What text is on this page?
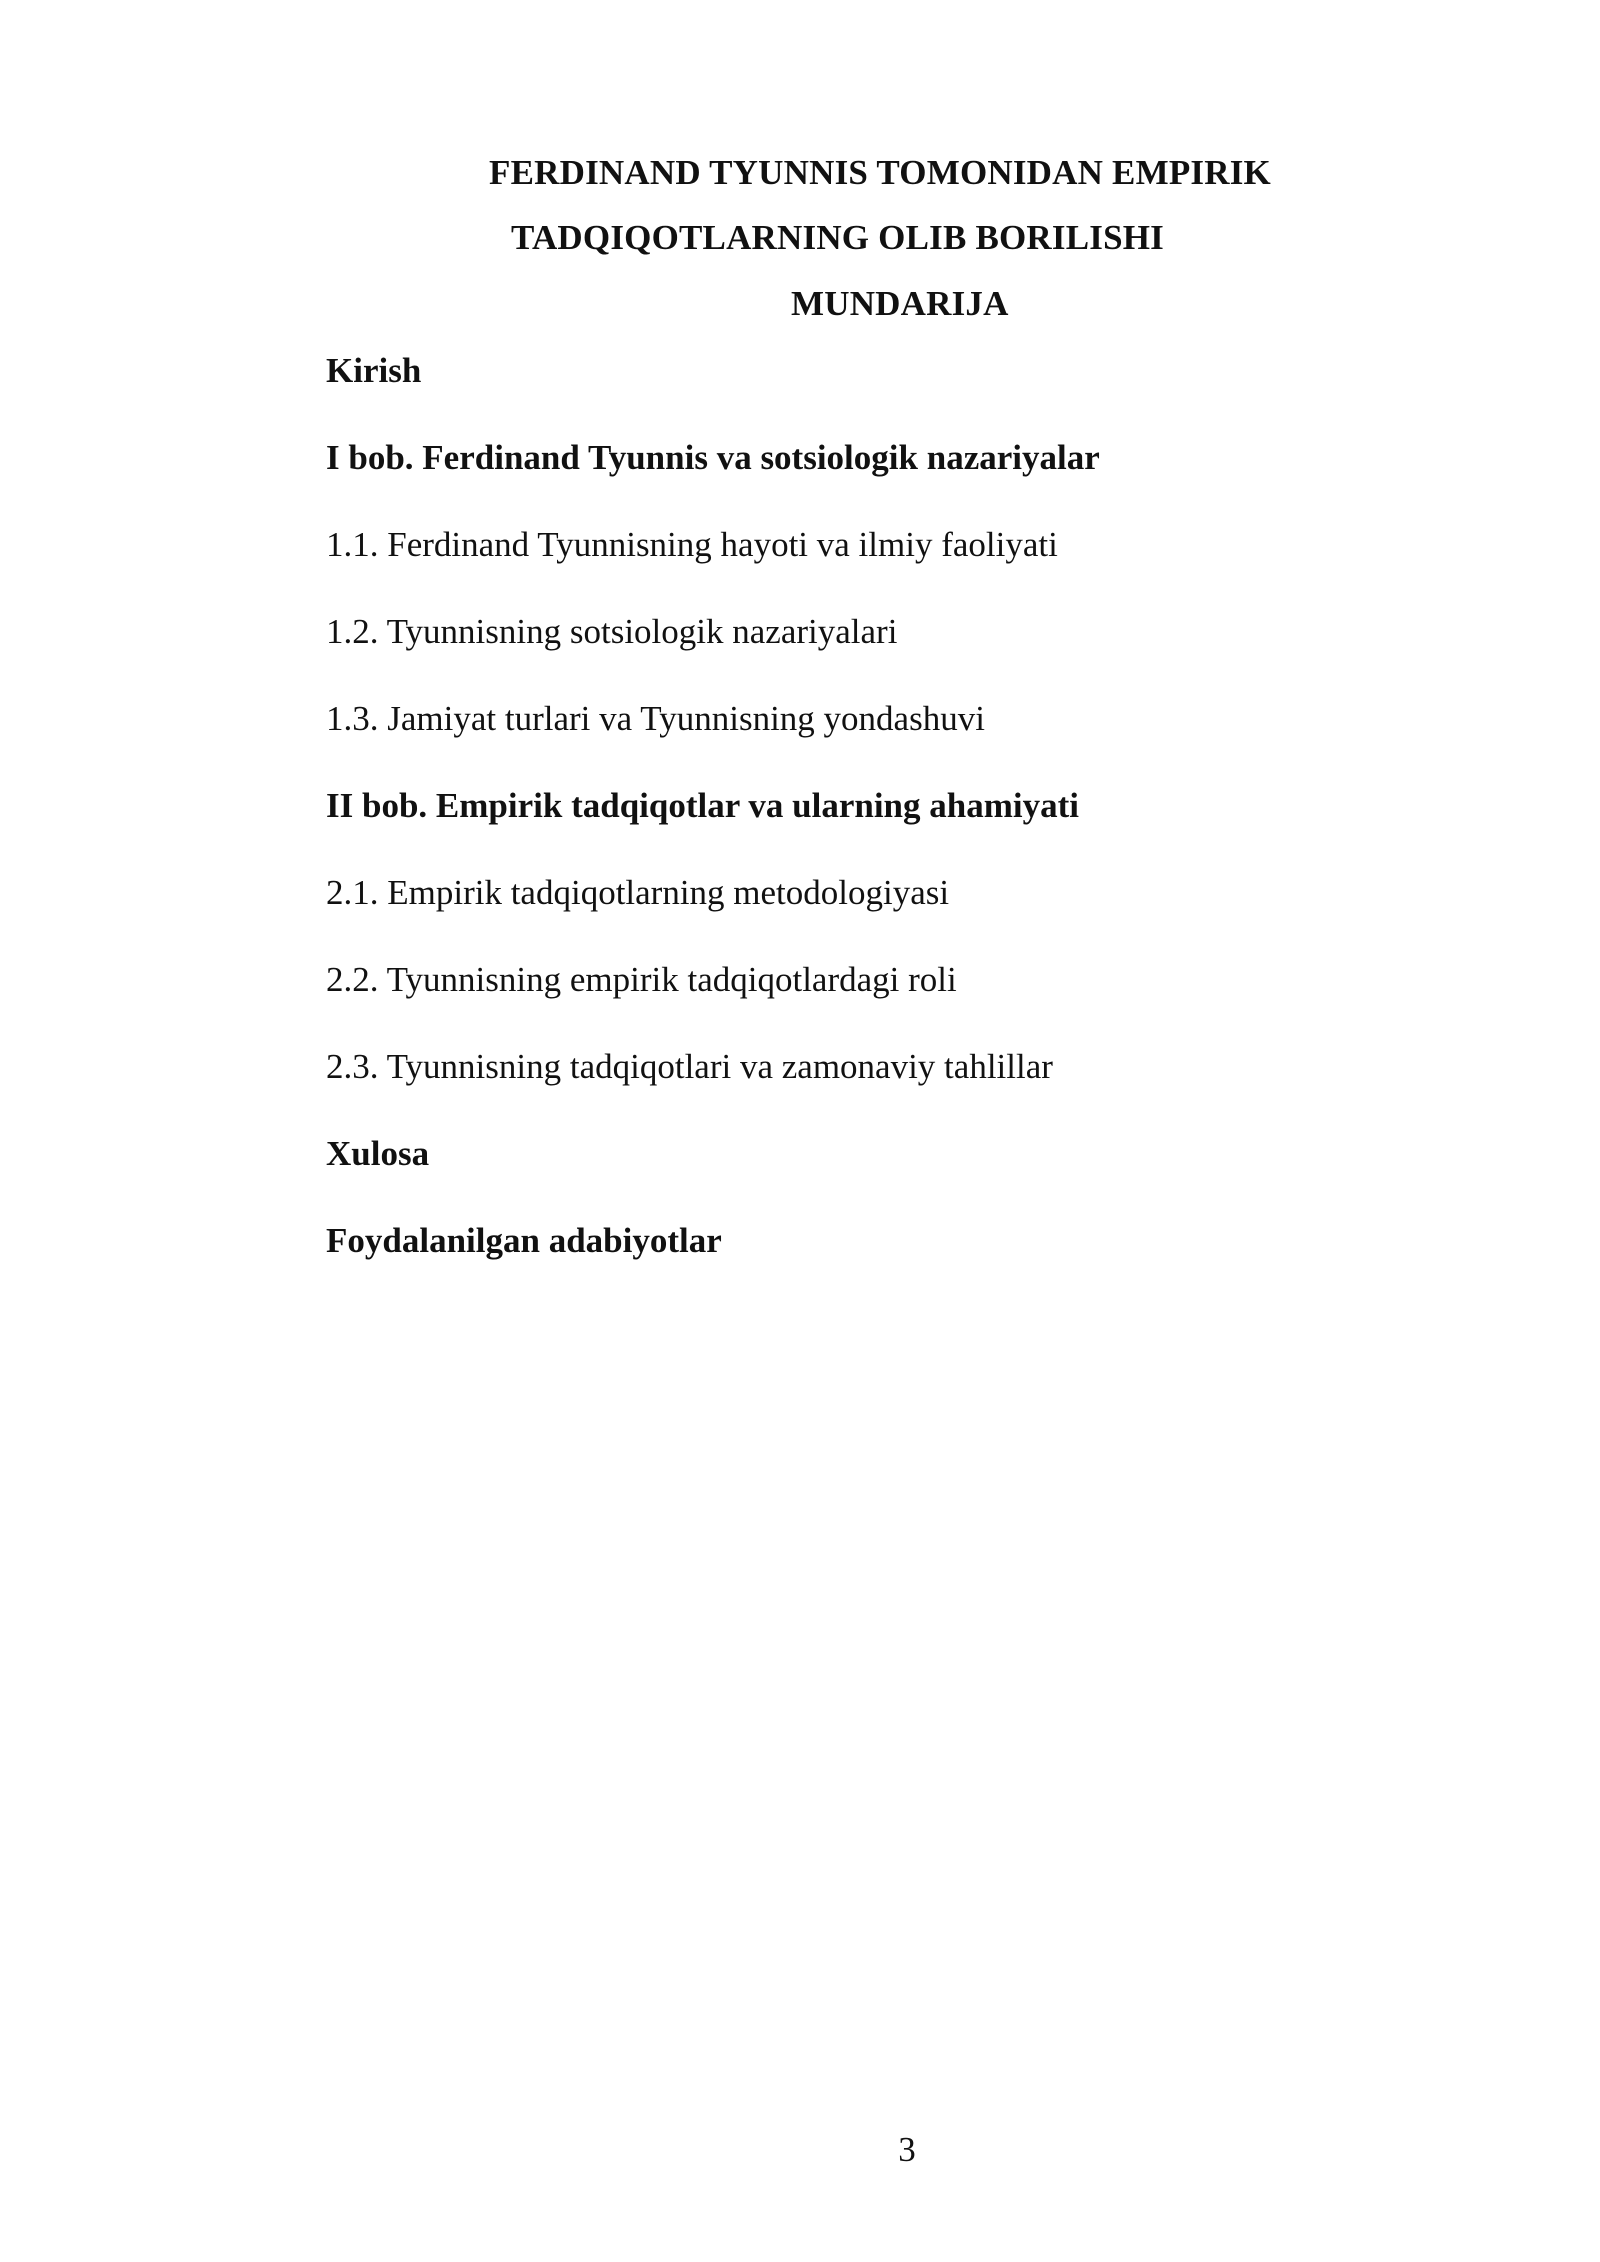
FERDINAND TYUNNIS TOMONIDAN EMPIRIK
TADQIQOTLARNING OLIB BORILISHI
MUNDARIJA
Kirish
I bob. Ferdinand Tyunnis va sotsiologik nazariyalar
1.1. Ferdinand Tyunnisning hayoti va ilmiy faoliyati
1.2. Tyunnisning sotsiologik nazariyalari
1.3. Jamiyat turlari va Tyunnisning yondashuvi
II bob. Empirik tadqiqotlar va ularning ahamiyati
2.1. Empirik tadqiqotlarning metodologiyasi
2.2. Tyunnisning empirik tadqiqotlardagi roli
2.3. Tyunnisning tadqiqotlari va zamonaviy tahlillar
Xulosa
Foydalanilgan adabiyotlar
3
